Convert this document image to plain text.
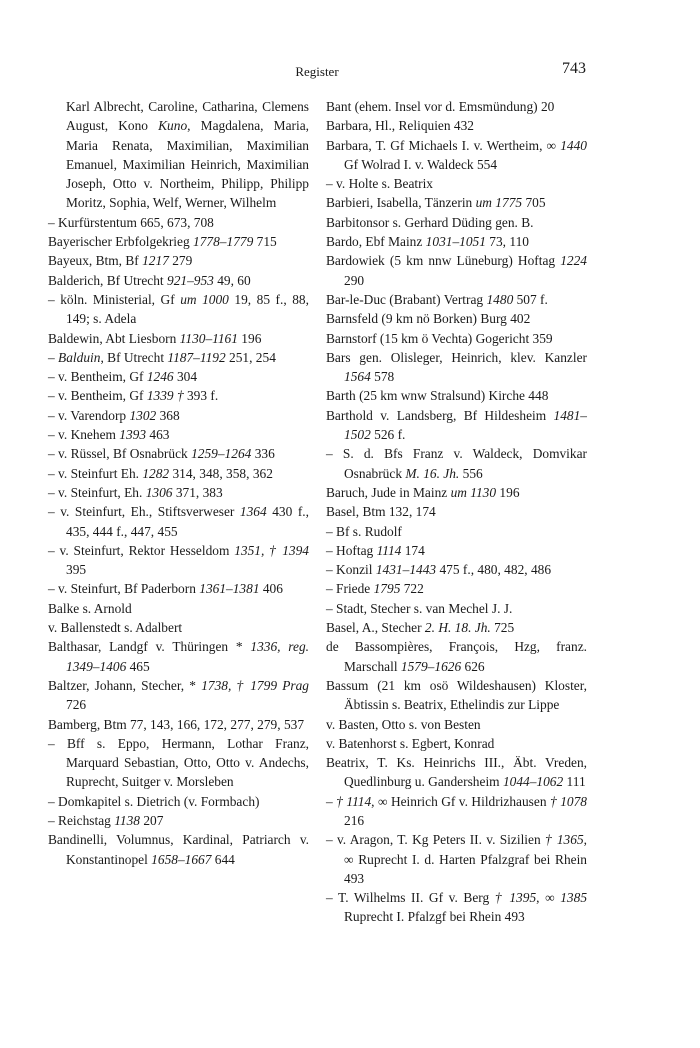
Register	743
Karl Albrecht, Caroline, Catharina, Clemens August, Kono Kuno, Magdalena, Maria, Maria Renata, Maximilian, Maximilian Emanuel, Maximilian Heinrich, Maximilian Joseph, Otto v. Northeim, Philipp, Philipp Moritz, Sophia, Welf, Werner, Wilhelm
– Kurfürstentum 665, 673, 708
Bayerischer Erbfolgekrieg 1778–1779 715
Bayeux, Btm, Bf 1217 279
Balderich, Bf Utrecht 921–953 49, 60
– köln. Ministerial, Gf um 1000 19, 85 f., 88, 149; s. Adela
Baldewin, Abt Liesborn 1130–1161 196
– Balduin, Bf Utrecht 1187–1192 251, 254
– v. Bentheim, Gf 1246 304
– v. Bentheim, Gf 1339 † 393 f.
– v. Varendorp 1302 368
– v. Knehem 1393 463
– v. Rüssel, Bf Osnabrück 1259–1264 336
– v. Steinfurt Eh. 1282 314, 348, 358, 362
– v. Steinfurt, Eh. 1306 371, 383
– v. Steinfurt, Eh., Stiftsverweser 1364 430 f., 435, 444 f., 447, 455
– v. Steinfurt, Rektor Hesseldom 1351, † 1394 395
– v. Steinfurt, Bf Paderborn 1361–1381 406
Balke s. Arnold
v. Ballenstedt s. Adalbert
Balthasar, Landgf v. Thüringen * 1336, reg. 1349–1406 465
Baltzer, Johann, Stecher, * 1738, † 1799 Prag 726
Bamberg, Btm 77, 143, 166, 172, 277, 279, 537
– Bff s. Eppo, Hermann, Lothar Franz, Marquard Sebastian, Otto, Otto v. Andechs, Ruprecht, Suitger v. Morsleben
– Domkapitel s. Dietrich (v. Formbach)
– Reichstag 1138 207
Bandinelli, Volumnus, Kardinal, Patriarch v. Konstantinopel 1658–1667 644
Bant (ehem. Insel vor d. Emsmündung) 20
Barbara, Hl., Reliquien 432
Barbara, T. Gf Michaels I. v. Wertheim, ∞ 1440 Gf Wolrad I. v. Waldeck 554
– v. Holte s. Beatrix
Barbieri, Isabella, Tänzerin um 1775 705
Barbitonsor s. Gerhard Düding gen. B.
Bardo, Ebf Mainz 1031–1051 73, 110
Bardowiek (5 km nnw Lüneburg) Hoftag 1224 290
Bar-le-Duc (Brabant) Vertrag 1480 507 f.
Barnsfeld (9 km nö Borken) Burg 402
Barnstorf (15 km ö Vechta) Gogericht 359
Bars gen. Olisleger, Heinrich, klev. Kanzler 1564 578
Barth (25 km wnw Stralsund) Kirche 448
Barthold v. Landsberg, Bf Hildesheim 1481–1502 526 f.
– S. d. Bfs Franz v. Waldeck, Domvikar Osnabrück M. 16. Jh. 556
Baruch, Jude in Mainz um 1130 196
Basel, Btm 132, 174
– Bf s. Rudolf
– Hoftag 1114 174
– Konzil 1431–1443 475 f., 480, 482, 486
– Friede 1795 722
– Stadt, Stecher s. van Mechel J. J.
Basel, A., Stecher 2. H. 18. Jh. 725
de Bassompières, François, Hzg, franz. Marschall 1579–1626 626
Bassum (21 km osö Wildeshausen) Kloster, Äbtissin s. Beatrix, Ethelindis zur Lippe
v. Basten, Otto s. von Besten
v. Batenhorst s. Egbert, Konrad
Beatrix, T. Ks. Heinrichs III., Äbt. Vreden, Quedlinburg u. Gandersheim 1044–1062 111
– † 1114, ∞ Heinrich Gf v. Hildrizhausen † 1078 216
– v. Aragon, T. Kg Peters II. v. Sizilien † 1365, ∞ Ruprecht I. d. Harten Pfalzgraf bei Rhein 493
– T. Wilhelms II. Gf v. Berg † 1395, ∞ 1385 Ruprecht I. Pfalzgf bei Rhein 493
